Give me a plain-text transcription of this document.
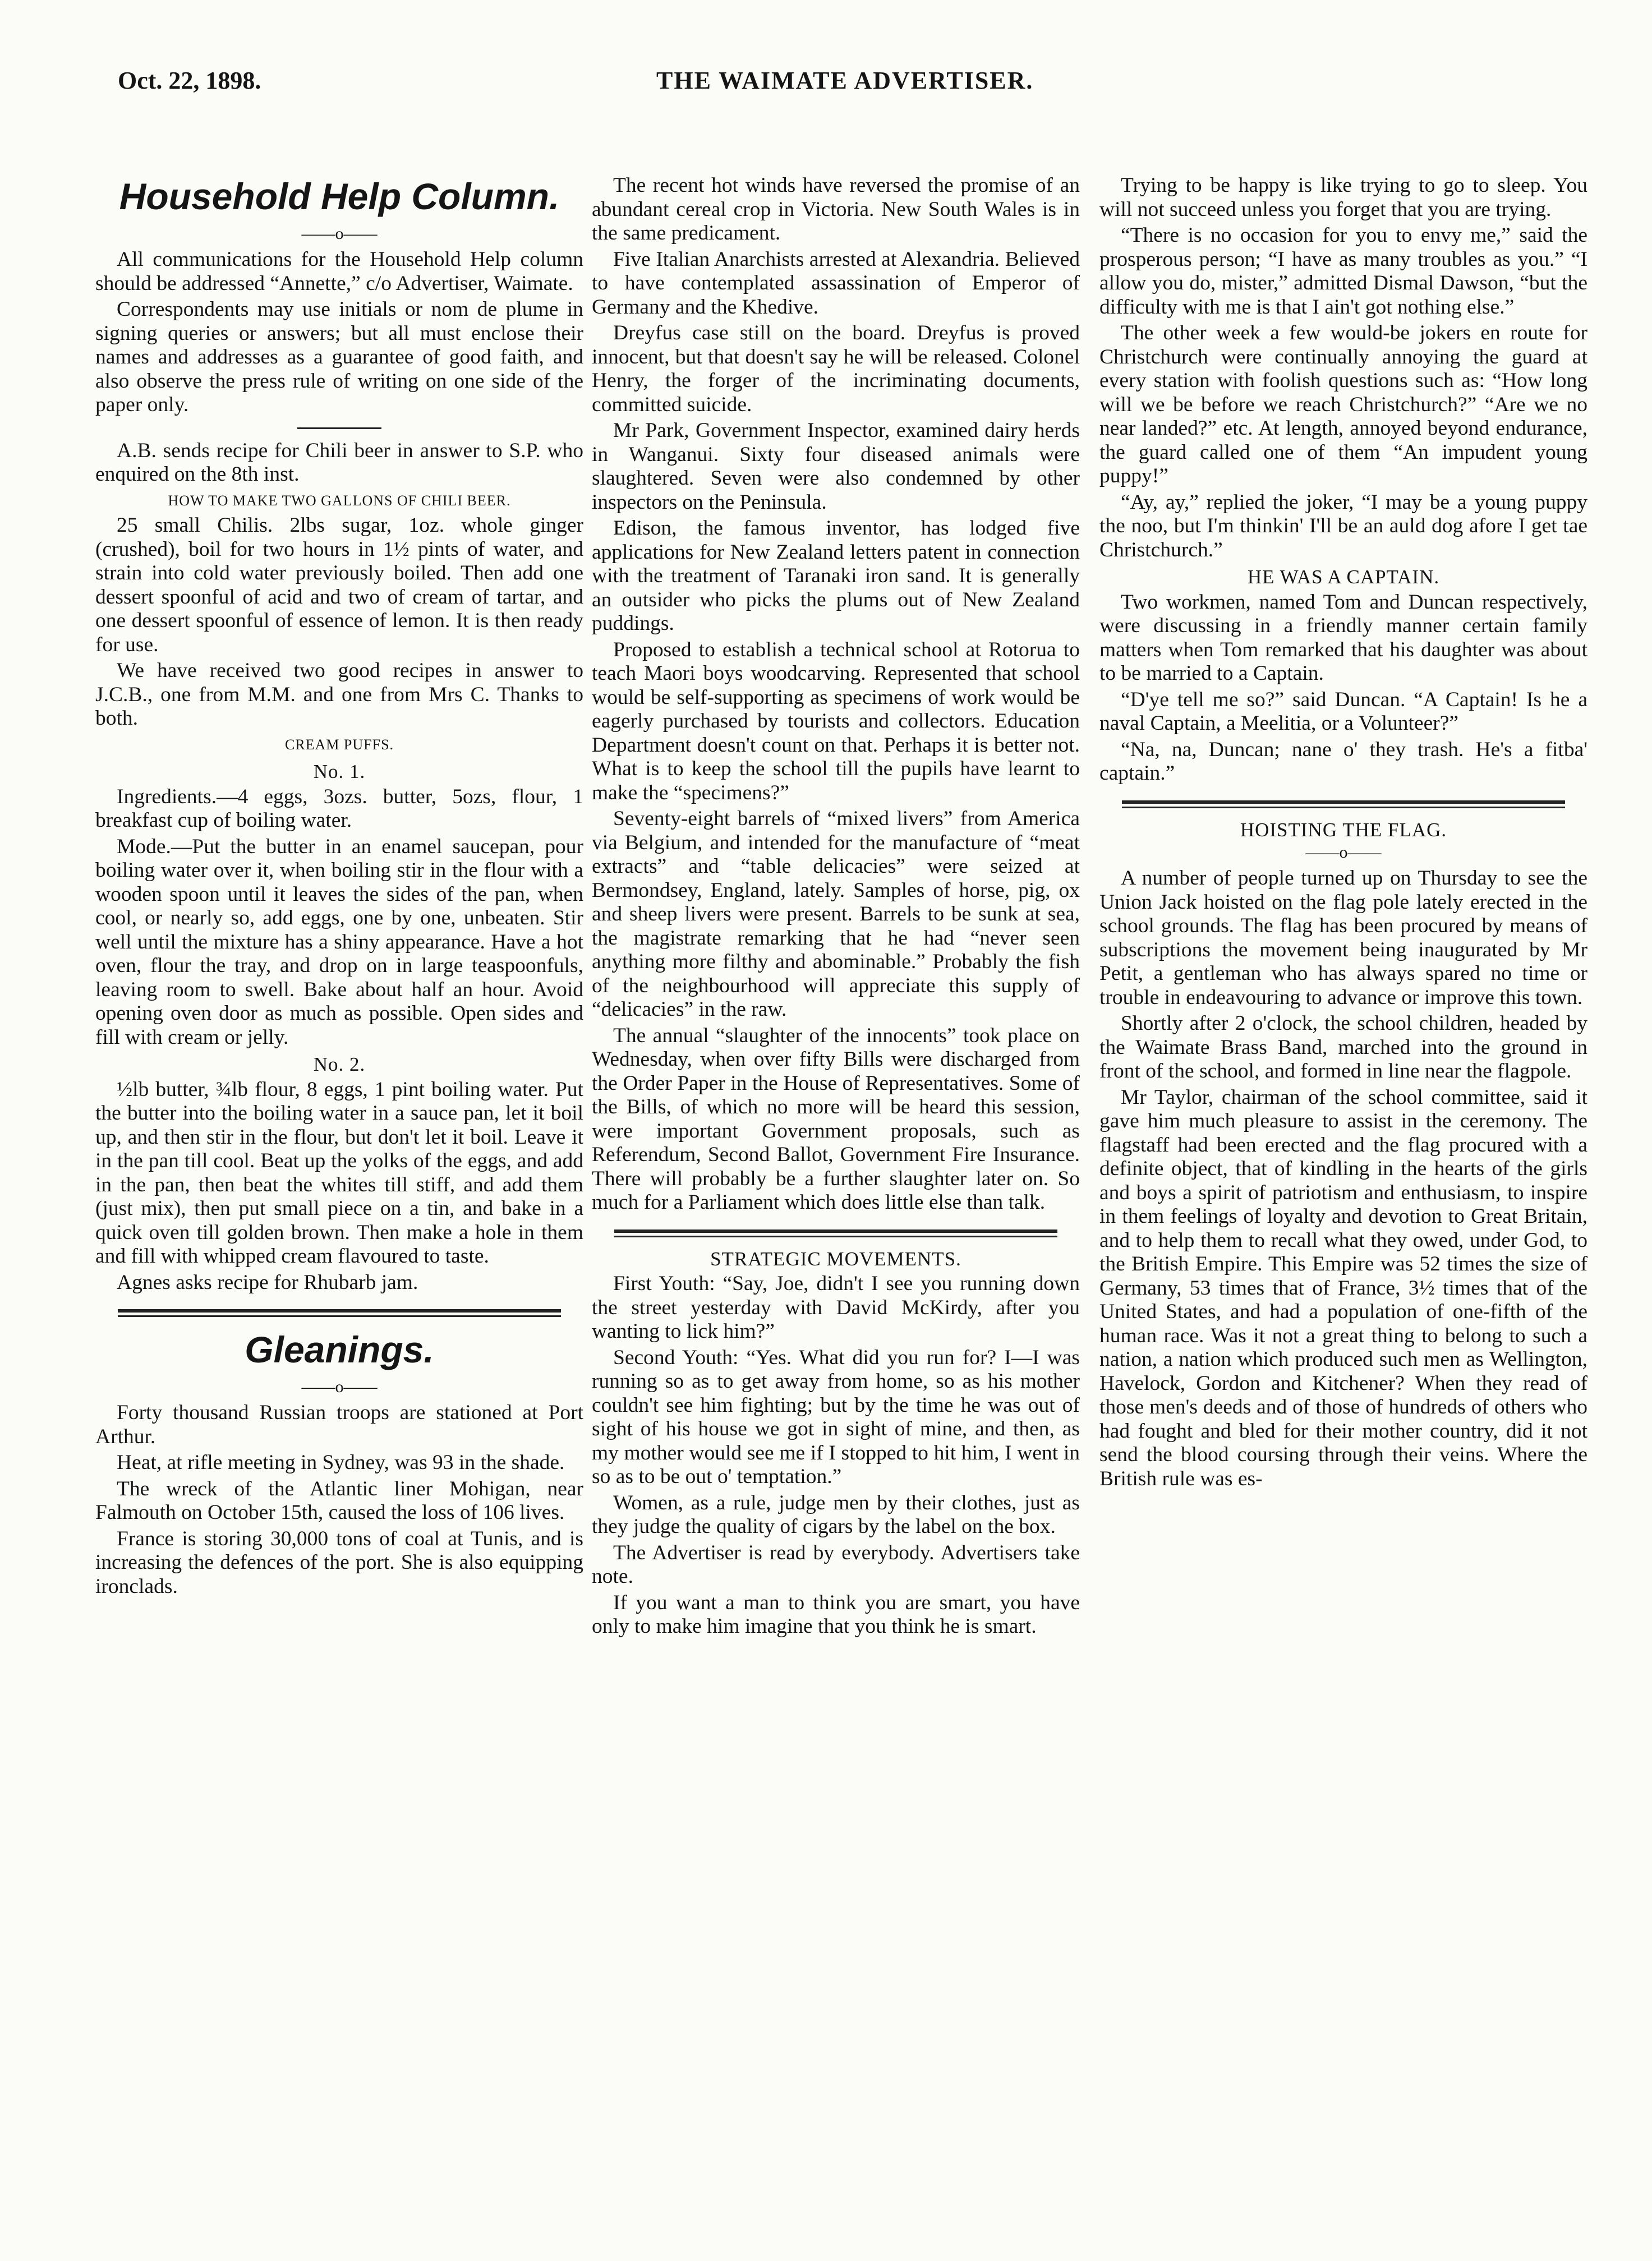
Oct. 22, 1898.	THE WAIMATE ADVERTISER.
Household Help Column.
——o——

All communications for the Household Help column should be addressed “Annette,” c/o Advertiser, Waimate.

Correspondents may use initials or nom de plume in signing queries or answers; but all must enclose their names and addresses as a guarantee of good faith, and also observe the press rule of writing on one side of the paper only.

A.B. sends recipe for Chili beer in answer to S.P. who enquired on the 8th inst.

HOW TO MAKE TWO GALLONS OF CHILI BEER.

25 small Chilis. 2lbs sugar, 1oz. whole ginger (crushed), boil for two hours in 1½ pints of water, and strain into cold water previously boiled. Then add one dessert spoonful of acid and two of cream of tartar, and one dessert spoonful of essence of lemon. It is then ready for use.

We have received two good recipes in answer to J.C.B., one from M.M. and one from Mrs C. Thanks to both.

CREAM PUFFS.
No. 1.

Ingredients.—4 eggs, 3ozs. butter, 5ozs, flour, 1 breakfast cup of boiling water.

Mode.—Put the butter in an enamel saucepan, pour boiling water over it, when boiling stir in the flour with a wooden spoon until it leaves the sides of the pan, when cool, or nearly so, add eggs, one by one, unbeaten. Stir well until the mixture has a shiny appearance. Have a hot oven, flour the tray, and drop on in large teaspoonfuls, leaving room to swell. Bake about half an hour. Avoid opening oven door as much as possible. Open sides and fill with cream or jelly.

No. 2.

½lb butter, ¾lb flour, 8 eggs, 1 pint boiling water. Put the butter into the boiling water in a sauce pan, let it boil up, and then stir in the flour, but don't let it boil. Leave it in the pan till cool. Beat up the yolks of the eggs, and add in the pan, then beat the whites till stiff, and add them (just mix), then put small piece on a tin, and bake in a quick oven till golden brown. Then make a hole in them and fill with whipped cream flavoured to taste.

Agnes asks recipe for Rhubarb jam.

Gleanings.
——o——

Forty thousand Russian troops are stationed at Port Arthur.

Heat, at rifle meeting in Sydney, was 93 in the shade.

The wreck of the Atlantic liner Mohigan, near Falmouth on October 15th, caused the loss of 106 lives.

France is storing 30,000 tons of coal at Tunis, and is increasing the defences of the port. She is also equipping ironclads.

The recent hot winds have reversed the promise of an abundant cereal crop in Victoria. New South Wales is in the same predicament.

Five Italian Anarchists arrested at Alexandria. Believed to have contemplated assassination of Emperor of Germany and the Khedive.

Dreyfus case still on the board. Dreyfus is proved innocent, but that doesn't say he will be released. Colonel Henry, the forger of the incriminating documents, committed suicide.

Mr Park, Government Inspector, examined dairy herds in Wanganui. Sixty four diseased animals were slaughtered. Seven were also condemned by other inspectors on the Peninsula.

Edison, the famous inventor, has lodged five applications for New Zealand letters patent in connection with the treatment of Taranaki iron sand. It is generally an outsider who picks the plums out of New Zealand puddings.

Proposed to establish a technical school at Rotorua to teach Maori boys woodcarving. Represented that school would be self-supporting as specimens of work would be eagerly purchased by tourists and collectors. Education Department doesn't count on that. Perhaps it is better not. What is to keep the school till the pupils have learnt to make the “specimens?”

Seventy-eight barrels of “mixed livers” from America via Belgium, and intended for the manufacture of “meat extracts” and “table delicacies” were seized at Bermondsey, England, lately. Samples of horse, pig, ox and sheep livers were present. Barrels to be sunk at sea, the magistrate remarking that he had “never seen anything more filthy and abominable.” Probably the fish of the neighbourhood will appreciate this supply of “delicacies” in the raw.

The annual “slaughter of the innocents” took place on Wednesday, when over fifty Bills were discharged from the Order Paper in the House of Representatives. Some of the Bills, of which no more will be heard this session, were important Government proposals, such as Referendum, Second Ballot, Government Fire Insurance. There will probably be a further slaughter later on. So much for a Parliament which does little else than talk.

STRATEGIC MOVEMENTS.

First Youth: “Say, Joe, didn't I see you running down the street yesterday with David McKirdy, after you wanting to lick him?”

Second Youth: “Yes. What did you run for? I—I was running so as to get away from home, so as his mother couldn't see him fighting; but by the time he was out of sight of his house we got in sight of mine, and then, as my mother would see me if I stopped to hit him, I went in so as to be out o' temptation.”

Women, as a rule, judge men by their clothes, just as they judge the quality of cigars by the label on the box.

The Advertiser is read by everybody. Advertisers take note.

If you want a man to think you are smart, you have only to make him imagine that you think he is smart.

Trying to be happy is like trying to go to sleep. You will not succeed unless you forget that you are trying.

“There is no occasion for you to envy me,” said the prosperous person; “I have as many troubles as you.” “I allow you do, mister,” admitted Dismal Dawson, “but the difficulty with me is that I ain't got nothing else.”

The other week a few would-be jokers en route for Christchurch were continually annoying the guard at every station with foolish questions such as: “How long will we be before we reach Christchurch?” “Are we no near landed?” etc. At length, annoyed beyond endurance, the guard called one of them “An impudent young puppy!”

“Ay, ay,” replied the joker, “I may be a young puppy the noo, but I'm thinkin' I'll be an auld dog afore I get tae Christchurch.”

HE WAS A CAPTAIN.

Two workmen, named Tom and Duncan respectively, were discussing in a friendly manner certain family matters when Tom remarked that his daughter was about to be married to a Captain.

“D'ye tell me so?” said Duncan. “A Captain! Is he a naval Captain, a Meelitia, or a Volunteer?”

“Na, na, Duncan; nane o' they trash. He's a fitba' captain.”

HOISTING THE FLAG.
——o——

A number of people turned up on Thursday to see the Union Jack hoisted on the flag pole lately erected in the school grounds. The flag has been procured by means of subscriptions the movement being inaugurated by Mr Petit, a gentleman who has always spared no time or trouble in endeavouring to advance or improve this town.

Shortly after 2 o'clock, the school children, headed by the Waimate Brass Band, marched into the ground in front of the school, and formed in line near the flagpole.

Mr Taylor, chairman of the school committee, said it gave him much pleasure to assist in the ceremony. The flagstaff had been erected and the flag procured with a definite object, that of kindling in the hearts of the girls and boys a spirit of patriotism and enthusiasm, to inspire in them feelings of loyalty and devotion to Great Britain, and to help them to recall what they owed, under God, to the British Empire. This Empire was 52 times the size of Germany, 53 times that of France, 3½ times that of the United States, and had a population of one-fifth of the human race. Was it not a great thing to belong to such a nation, a nation which produced such men as Wellington, Havelock, Gordon and Kitchener? When they read of those men's deeds and of those of hundreds of others who had fought and bled for their mother country, did it not send the blood coursing through their veins. Where the British rule was es-
